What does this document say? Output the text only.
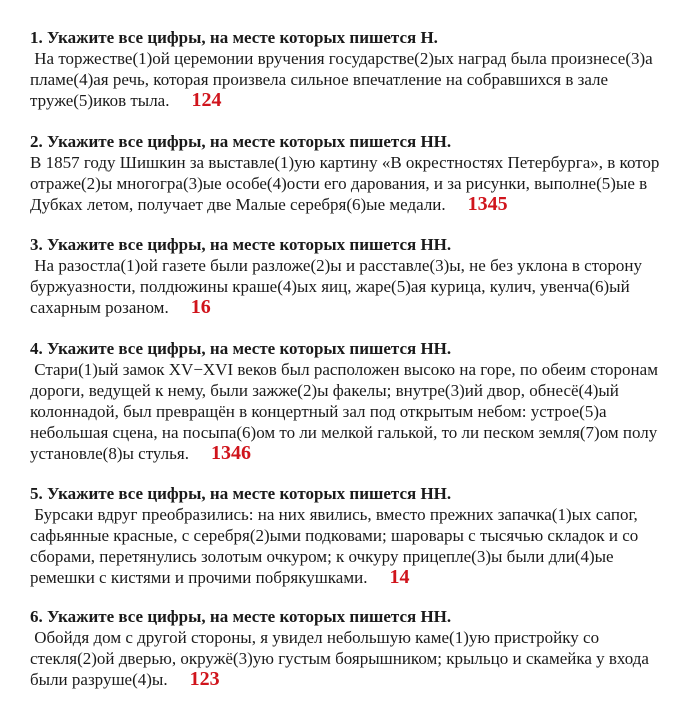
1. Укажите все цифры, на месте которых пишется Н.
На торжестве(1)ой церемонии вручения государстве(2)ых наград была произнесе(3)а
пламе(4)ая речь, которая произвела сильное впечатление на собравшихся в зале
труже(5)иков тыла. 124
2. Укажите все цифры, на месте которых пишется НН.
В 1857 году Шишкин за выставле(1)ую картину «В окрестностях Петербурга», в котор
отраже(2)ы многогра(3)ые особе(4)ости его дарования, и за рисунки, выполне(5)ые в
Дубках летом, получает две Малые серебря(6)ые медали. 1345
3. Укажите все цифры, на месте которых пишется НН.
На разостла(1)ой газете были разложе(2)ы и расставле(3)ы, не без уклона в сторону
буржуазности, полдюжины краше(4)ых яиц, жаре(5)ая курица, кулич, увенча(6)ый
сахарным розаном. 16
4. Укажите все цифры, на месте которых пишется НН.
Стари(1)ый замок XV−XVI веков был расположен высоко на горе, по обеим сторонам
дороги, ведущей к нему, были зажже(2)ы факелы; внутре(3)ий двор, обнесё(4)ый
колоннадой, был превращён в концертный зал под открытым небом: устрое(5)а
небольшая сцена, на посыпа(6)ом то ли мелкой галькой, то ли песком земля(7)ом полу
установле(8)ы стулья. 1346
5. Укажите все цифры, на месте которых пишется НН.
Бурсаки вдруг преобразились: на них явились, вместо прежних запачка(1)ых сапог,
сафьянные красные, с серебря(2)ыми подковами; шаровары с тысячью складок и со
сборами, перетянулись золотым очкуром; к очкуру прицепле(3)ы были дли(4)ые
ремешки с кистями и прочими побрякушками. 14
6. Укажите все цифры, на месте которых пишется НН.
Обойдя дом с другой стороны, я увидел небольшую каме(1)ую пристройку со
стекля(2)ой дверью, окружё(3)ую густым боярышником; крыльцо и скамейка у входа
были разруше(4)ы. 123
